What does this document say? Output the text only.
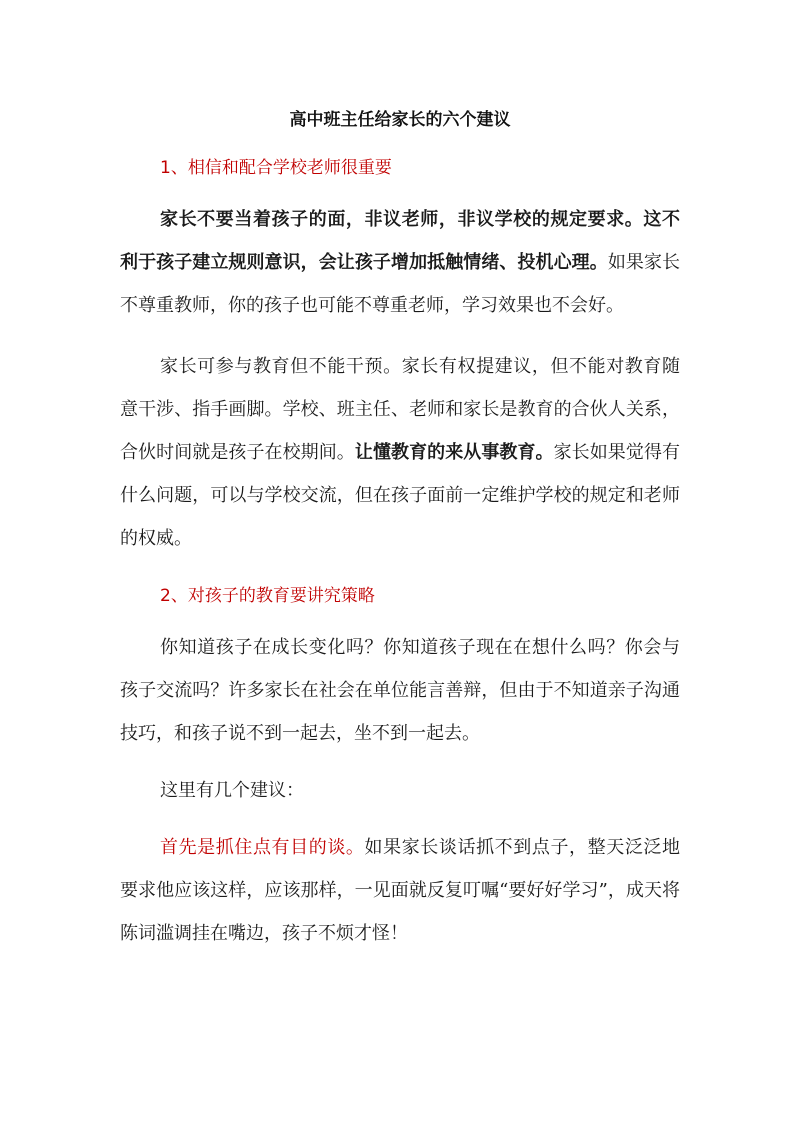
高中班主任给家长的六个建议
1、相信和配合学校老师很重要

家长不要当着孩子的面，非议老师，非议学校的规定要求。这不利于孩子建立规则意识，会让孩子增加抵触情绪、投机心理。如果家长不尊重教师，你的孩子也可能不尊重老师，学习效果也不会好。

家长可参与教育但不能干预。家长有权提建议，但不能对教育随意干涉、指手画脚。学校、班主任、老师和家长是教育的合伙人关系，合伙时间就是孩子在校期间。让懂教育的来从事教育。家长如果觉得有什么问题，可以与学校交流，但在孩子面前一定维护学校的规定和老师的权威。

2、对孩子的教育要讲究策略

你知道孩子在成长变化吗？你知道孩子现在在想什么吗？你会与孩子交流吗？许多家长在社会在单位能言善辩，但由于不知道亲子沟通技巧，和孩子说不到一起去，坐不到一起去。

这里有几个建议：

首先是抓住点有目的谈。如果家长谈话抓不到点子，整天泛泛地要求他应该这样，应该那样，一见面就反复叮嘱“要好好学习”，成天将陈词滥调挂在嘴边，孩子不烦才怪！
